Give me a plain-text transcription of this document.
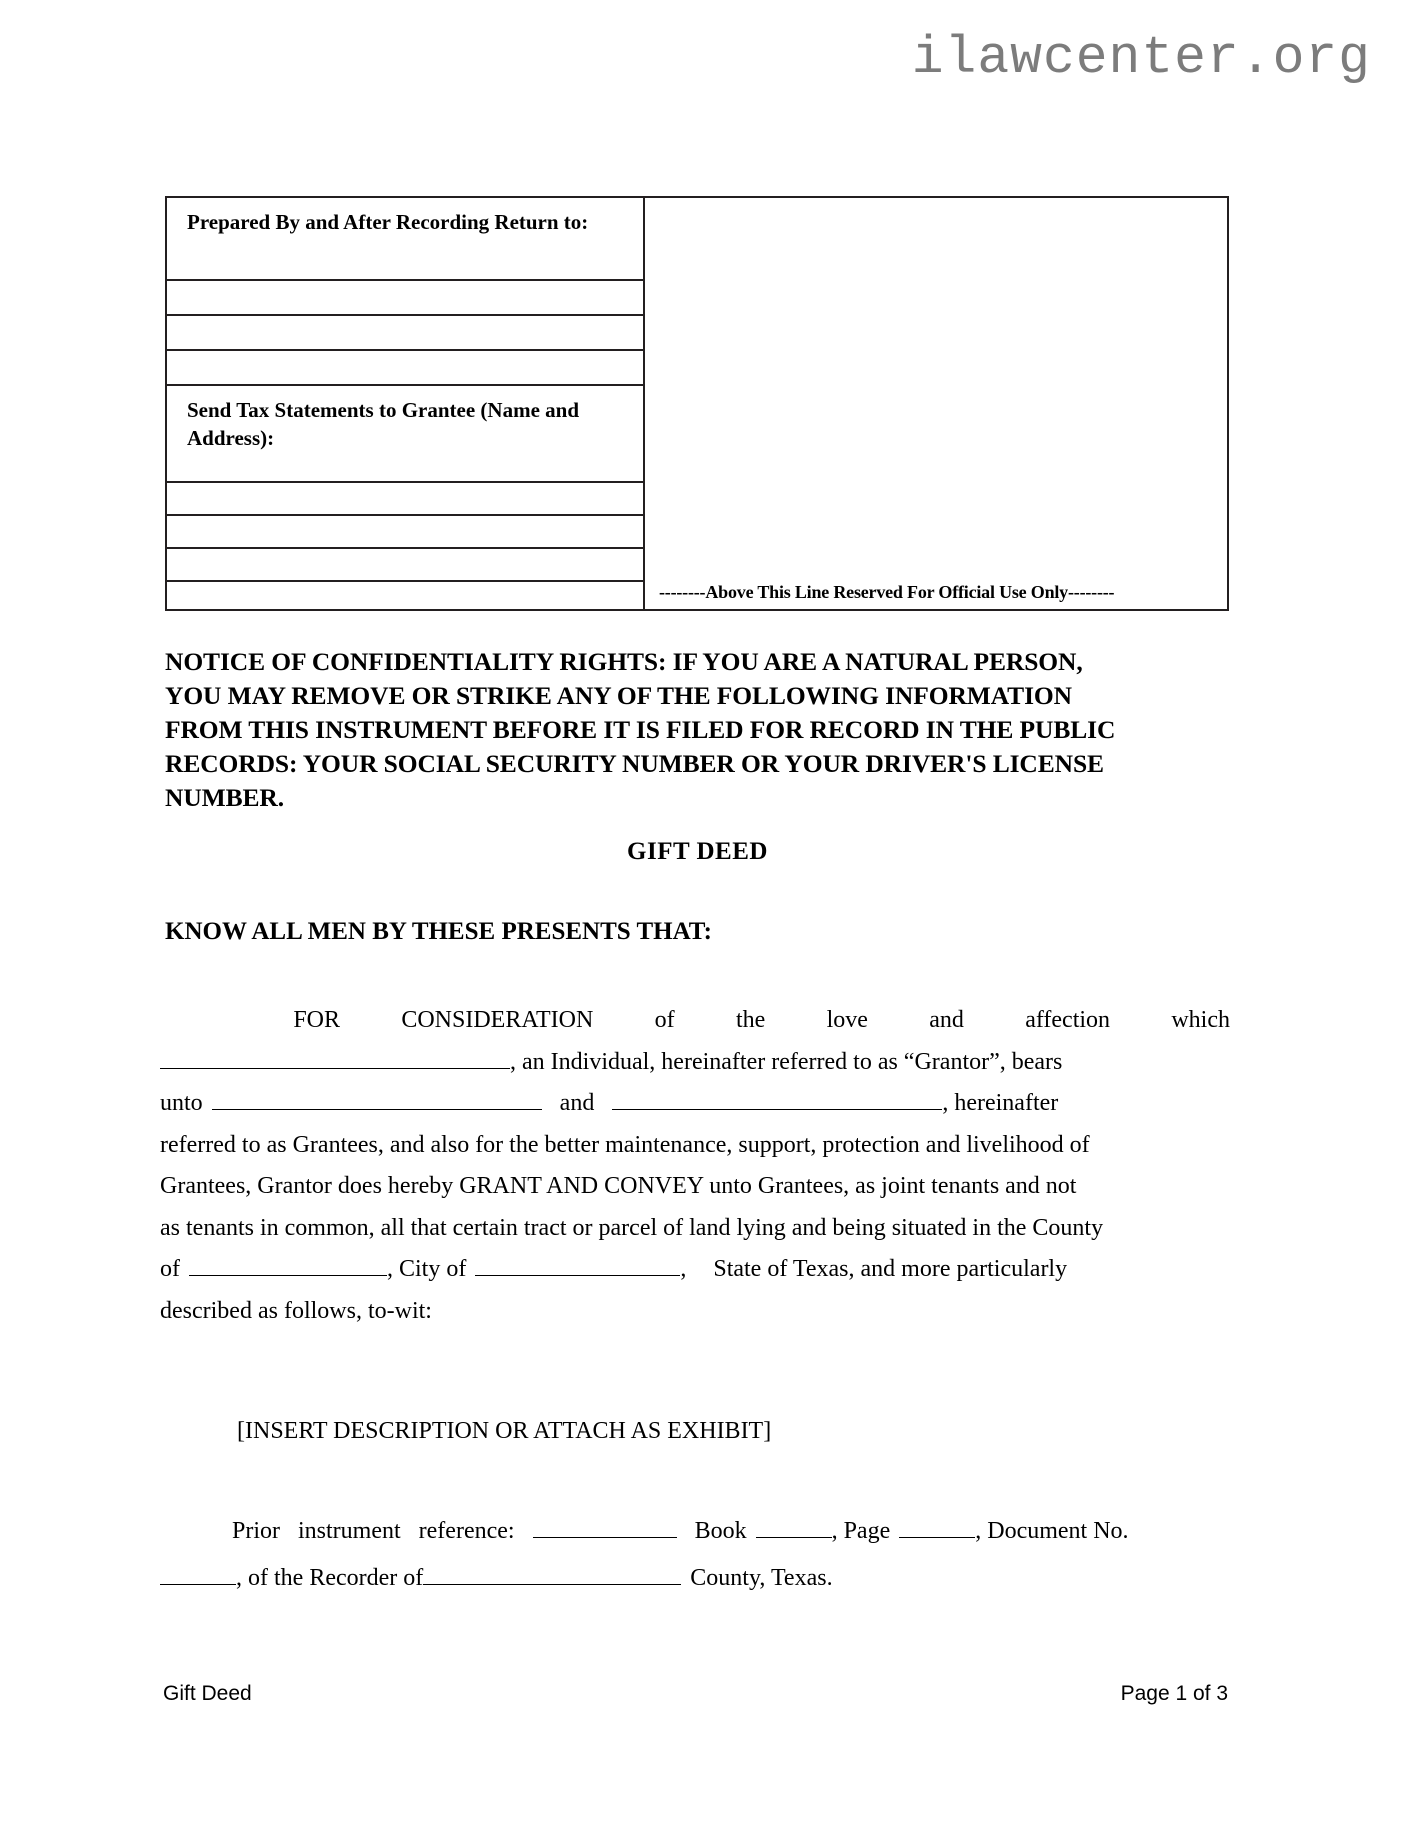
ilawcenter.org
Prepared By and After Recording Return to:
Send Tax Statements to Grantee (Name and Address):
--------Above This Line Reserved For Official Use Only--------
NOTICE OF CONFIDENTIALITY RIGHTS: IF YOU ARE A NATURAL PERSON,
YOU MAY REMOVE OR STRIKE ANY OF THE FOLLOWING INFORMATION
FROM THIS INSTRUMENT BEFORE IT IS FILED FOR RECORD IN THE PUBLIC
RECORDS: YOUR SOCIAL SECURITY NUMBER OR YOUR DRIVER'S LICENSE
NUMBER.
GIFT DEED
KNOW ALL MEN BY THESE PRESENTS THAT:
FOR	CONSIDERATION	of	the	love	and	affection	which
, an Individual, hereinafter referred to as “Grantor”, bears
unto	and	, hereinafter
referred to as Grantees, and also for the better maintenance, support, protection and livelihood of
Grantees, Grantor does hereby GRANT AND CONVEY unto Grantees, as joint tenants and not
as tenants in common, all that certain tract or parcel of land lying and being situated in the County
of	, City of	, State of Texas, and more particularly
described as follows, to-wit:
[INSERT DESCRIPTION OR ATTACH AS EXHIBIT]
Prior instrument reference:	Book	, Page	, Document No.
, of the Recorder of	County, Texas.
Gift Deed	Page 1 of 3
